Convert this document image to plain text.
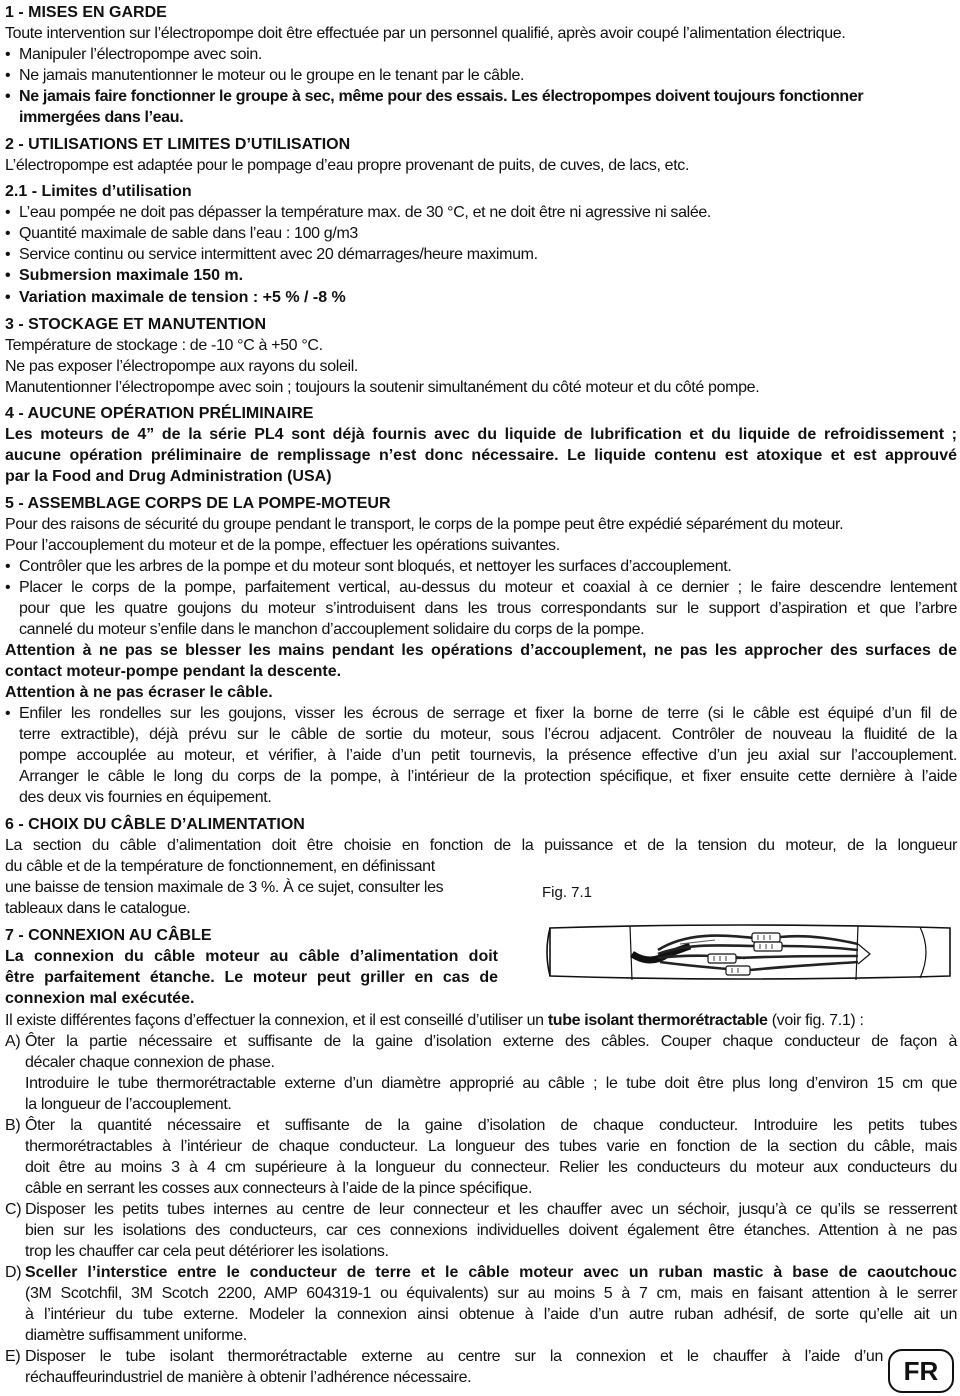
1 - MISES EN GARDE
Toute intervention sur l’électropompe doit être effectuée par un personnel qualifié, après avoir coupé l’alimentation électrique.
• Manipuler l’électropompe avec soin.
• Ne jamais manutentionner le moteur ou le groupe en le tenant par le câble.
• Ne jamais faire fonctionner le groupe à sec, même pour des essais. Les électropompes doivent toujours fonctionner
immergées dans l’eau.
2 - UTILISATIONS ET LIMITES D’UTILISATION
L’électropompe est adaptée pour le pompage d’eau propre provenant de puits, de cuves, de lacs, etc.
2.1 - Limites d’utilisation
• L’eau pompée ne doit pas dépasser la température max. de 30 °C, et ne doit être ni agressive ni salée.
• Quantité maximale de sable dans l’eau : 100 g/m3
• Service continu ou service intermittent avec 20 démarrages/heure maximum.
• Submersion maximale 150 m.
• Variation maximale de tension : +5 % / -8 %
3 - STOCKAGE ET MANUTENTION
Température de stockage : de -10 °C à +50 °C.
Ne pas exposer l’électropompe aux rayons du soleil.
Manutentionner l’électropompe avec soin ; toujours la soutenir simultanément du côté moteur et du côté pompe.
4 - AUCUNE OPÉRATION PRÉLIMINAIRE
Les moteurs de 4” de la série PL4 sont déjà fournis avec du liquide de lubrification et du liquide de refroidissement ;
aucune opération préliminaire de remplissage n’est donc nécessaire. Le liquide contenu est atoxique et est approuvé
par la Food and Drug Administration (USA)
5 - ASSEMBLAGE CORPS DE LA POMPE-MOTEUR
Pour des raisons de sécurité du groupe pendant le transport, le corps de la pompe peut être expédié séparément du moteur.
Pour l’accouplement du moteur et de la pompe, effectuer les opérations suivantes.
• Contrôler que les arbres de la pompe et du moteur sont bloqués, et nettoyer les surfaces d’accouplement.
• Placer le corps de la pompe, parfaitement vertical, au-dessus du moteur et coaxial à ce dernier ; le faire descendre lentement
pour que les quatre goujons du moteur s’introduisent dans les trous correspondants sur le support d’aspiration et que l’arbre
cannelé du moteur s’enfile dans le manchon d’accouplement solidaire du corps de la pompe.
Attention à ne pas se blesser les mains pendant les opérations d’accouplement, ne pas les approcher des surfaces de
contact moteur-pompe pendant la descente.
Attention à ne pas écraser le câble.
• Enfiler les rondelles sur les goujons, visser les écrous de serrage et fixer la borne de terre (si le câble est équipé d’un fil de
terre extractible), déjà prévu sur le câble de sortie du moteur, sous l’écrou adjacent. Contrôler de nouveau la fluidité de la
pompe accouplée au moteur, et vérifier, à l’aide d’un petit tournevis, la présence effective d’un jeu axial sur l’accouplement.
Arranger le câble le long du corps de la pompe, à l’intérieur de la protection spécifique, et fixer ensuite cette dernière à l’aide
des deux vis fournies en équipement.
6 - CHOIX DU CÂBLE D’ALIMENTATION
La section du câble d’alimentation doit être choisie en fonction de la puissance et de la tension du moteur, de la longueur
du câble et de la température de fonctionnement, en définissant
une baisse de tension maximale de 3 %. À ce sujet, consulter les
tableaux dans le catalogue.
7 - CONNEXION AU CÂBLE
La connexion du câble moteur au câble d’alimentation doit
être parfaitement étanche. Le moteur peut griller en cas de
connexion mal exécutée.
Il existe différentes façons d’effectuer la connexion, et il est conseillé d’utiliser un tube isolant thermorétractable (voir fig. 7.1) :
A) Ôter la partie nécessaire et suffisante de la gaine d’isolation externe des câbles. Couper chaque conducteur de façon à
décaler chaque connexion de phase.
Introduire le tube thermorétractable externe d’un diamètre approprié au câble ; le tube doit être plus long d’environ 15 cm que
la longueur de l’accouplement.
B) Ôter la quantité nécessaire et suffisante de la gaine d’isolation de chaque conducteur. Introduire les petits tubes
thermorétractables à l’intérieur de chaque conducteur. La longueur des tubes varie en fonction de la section du câble, mais
doit être au moins 3 à 4 cm supérieure à la longueur du connecteur. Relier les conducteurs du moteur aux conducteurs du
câble en serrant les cosses aux connecteurs à l’aide de la pince spécifique.
C) Disposer les petits tubes internes au centre de leur connecteur et les chauffer avec un séchoir, jusqu’à ce qu’ils se resserrent
bien sur les isolations des conducteurs, car ces connexions individuelles doivent également être étanches. Attention à ne pas
trop les chauffer car cela peut détériorer les isolations.
D) Sceller l’interstice entre le conducteur de terre et le câble moteur avec un ruban mastic à base de caoutchouc
(3M Scotchfil, 3M Scotch 2200, AMP 604319-1 ou équivalents) sur au moins 5 à 7 cm, mais en faisant attention à le serrer
à l’intérieur du tube externe. Modeler la connexion ainsi obtenue à l’aide d’un autre ruban adhésif, de sorte qu’elle ait un
diamètre suffisamment uniforme.
E) Disposer le tube isolant thermorétractable externe au centre sur la connexion et le chauffer à l’aide d’un
réchauffeurindustriel de manière à obtenir l’adhérence nécessaire.
Fig. 7.1
FR
